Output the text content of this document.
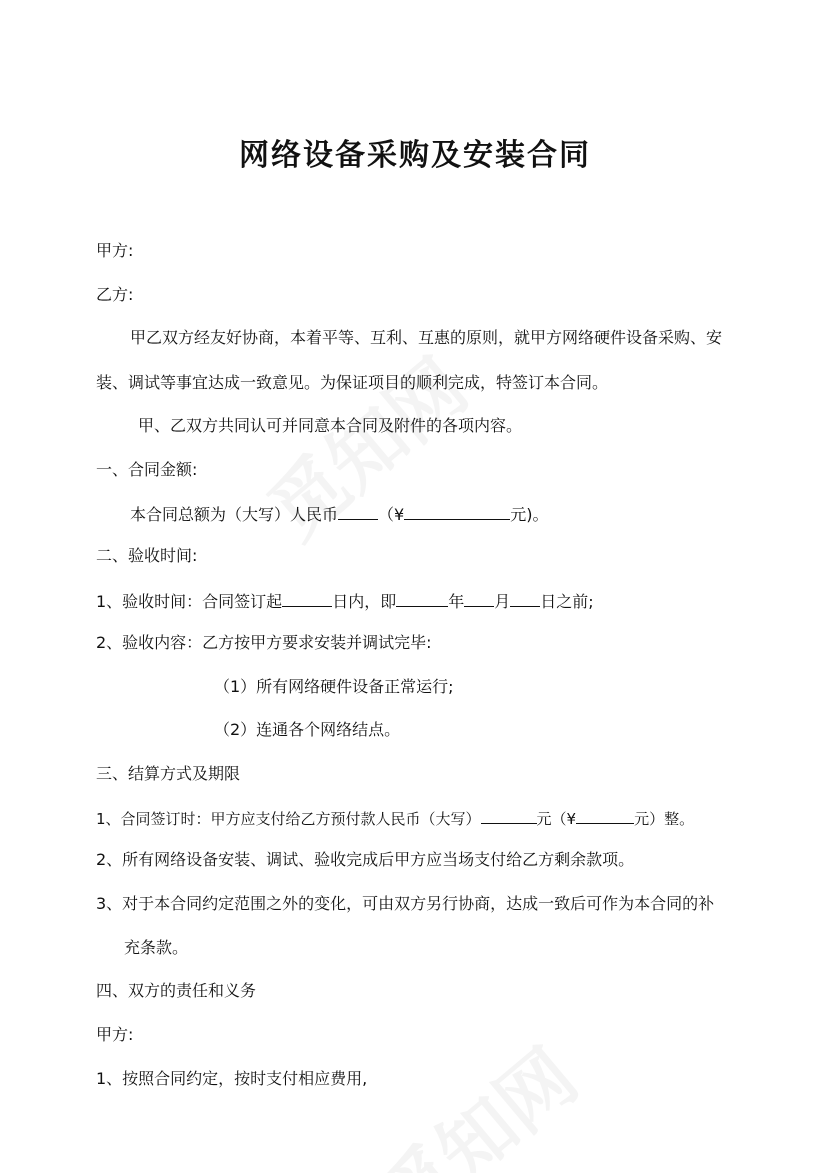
网络设备采购及安装合同
甲方:
乙方:
甲乙双方经友好协商，本着平等、互利、互惠的原则，就甲方网络硬件设备采购、安
装、调试等事宜达成一致意见。为保证项目的顺利完成，特签订本合同。
甲、乙双方共同认可并同意本合同及附件的各项内容。
一、合同金额:
本合同总额为（大写）人民币	（¥	元)。
二、验收时间:
1、验收时间：合同签订起	日内，即	年 月 日之前;
2、验收内容：乙方按甲方要求安装并调试完毕:
（1）所有网络硬件设备正常运行;
（2）连通各个网络结点。
三、结算方式及期限
1、合同签订时：甲方应支付给乙方预付款人民币（大写）	元（¥	元）整。
2、所有网络设备安装、调试、验收完成后甲方应当场支付给乙方剩余款项。
3、对于本合同约定范围之外的变化，可由双方另行协商，达成一致后可作为本合同的补
充条款。
四、双方的责任和义务
甲方:
1、按照合同约定，按时支付相应费用,
